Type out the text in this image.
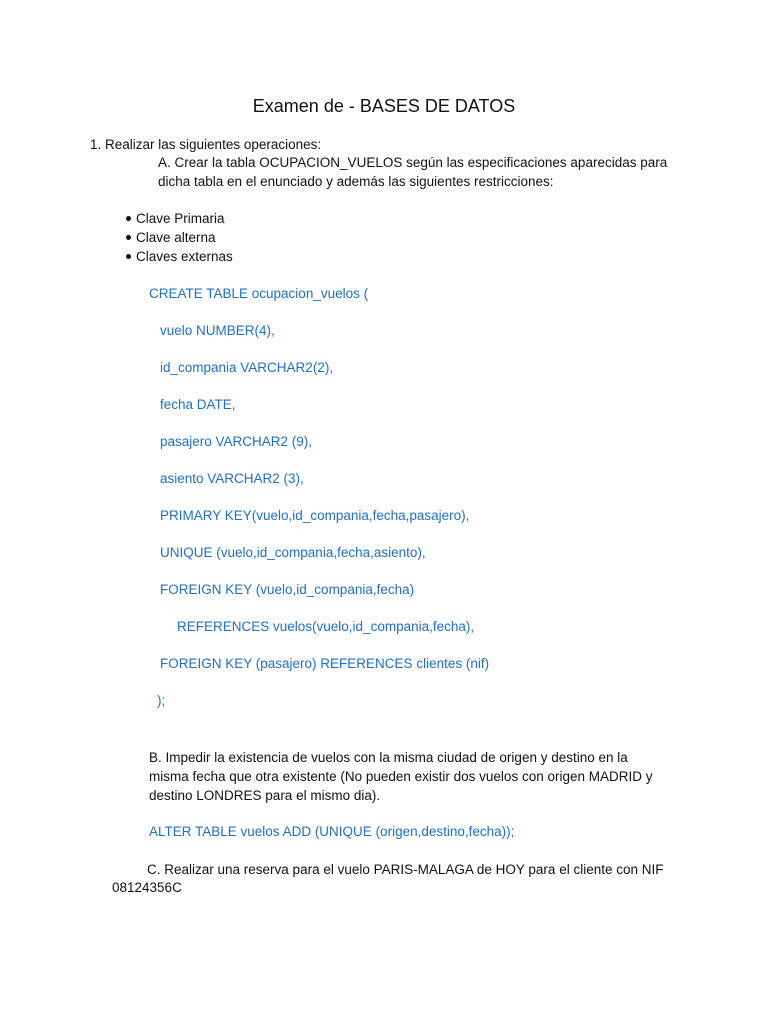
Examen de - BASES DE DATOS
1. Realizar las siguientes operaciones:
A. Crear la tabla OCUPACION_VUELOS según las especificaciones aparecidas para
dicha tabla en el enunciado y además las siguientes restricciones:
Clave Primaria
Clave alterna
Claves externas
CREATE TABLE ocupacion_vuelos (
vuelo NUMBER(4),
id_compania VARCHAR2(2),
fecha DATE,
pasajero VARCHAR2 (9),
asiento VARCHAR2 (3),
PRIMARY KEY(vuelo,id_compania,fecha,pasajero),
UNIQUE (vuelo,id_compania,fecha,asiento),
FOREIGN KEY (vuelo,id_compania,fecha)
REFERENCES vuelos(vuelo,id_compania,fecha),
FOREIGN KEY (pasajero) REFERENCES clientes (nif)
);
B. Impedir la existencia de vuelos con la misma ciudad de origen y destino en la
misma fecha que otra existente (No pueden existir dos vuelos con origen MADRID y
destino LONDRES para el mismo dia).
ALTER TABLE vuelos ADD (UNIQUE (origen,destino,fecha));
C. Realizar una reserva para el vuelo PARIS-MALAGA de HOY para el cliente con NIF
08124356C
